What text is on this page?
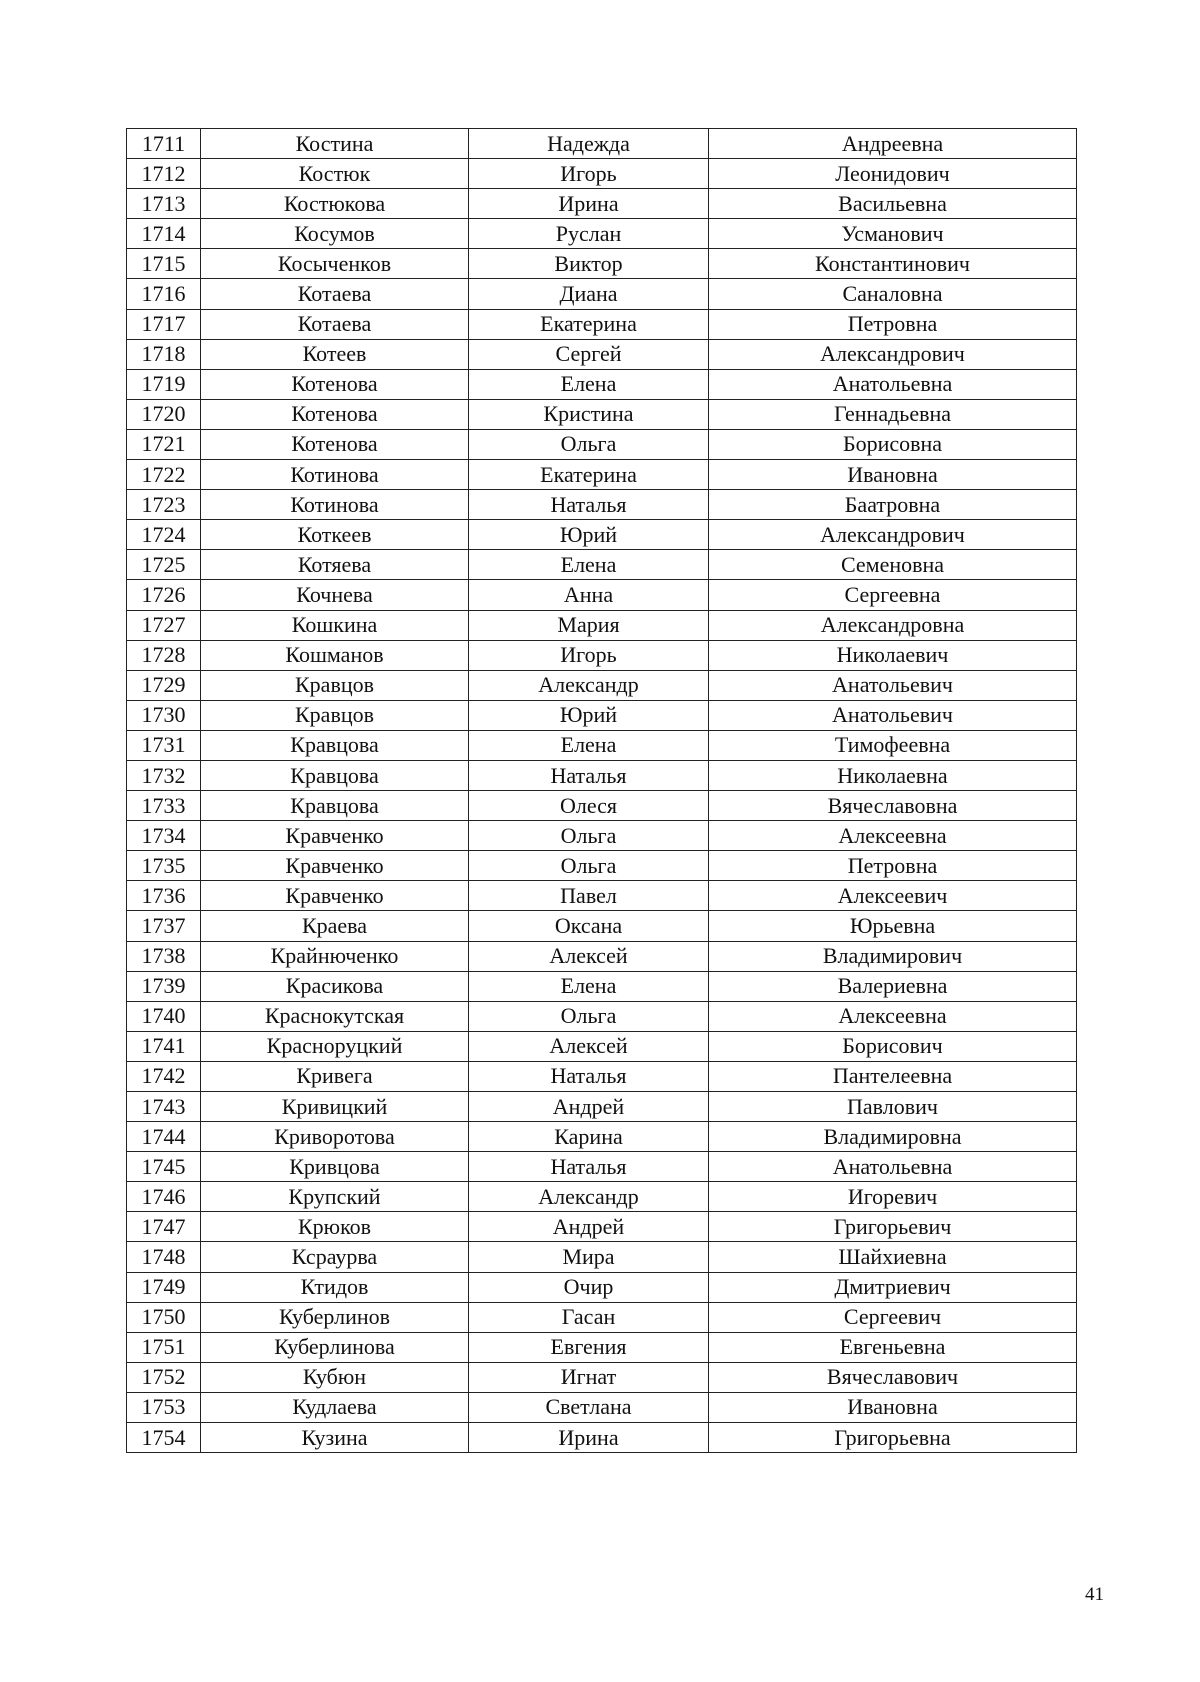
1711	Костина	Надежда	Андреевна
1712	Костюк	Игорь	Леонидович
1713	Костюкова	Ирина	Васильевна
1714	Косумов	Руслан	Усманович
1715	Косыченков	Виктор	Константинович
1716	Котаева	Диана	Саналовна
1717	Котаева	Екатерина	Петровна
1718	Котеев	Сергей	Александрович
1719	Котенова	Елена	Анатольевна
1720	Котенова	Кристина	Геннадьевна
1721	Котенова	Ольга	Борисовна
1722	Котинова	Екатерина	Ивановна
1723	Котинова	Наталья	Баатровна
1724	Коткеев	Юрий	Александрович
1725	Котяева	Елена	Семеновна
1726	Кочнева	Анна	Сергеевна
1727	Кошкина	Мария	Александровна
1728	Кошманов	Игорь	Николаевич
1729	Кравцов	Александр	Анатольевич
1730	Кравцов	Юрий	Анатольевич
1731	Кравцова	Елена	Тимофеевна
1732	Кравцова	Наталья	Николаевна
1733	Кравцова	Олеся	Вячеславовна
1734	Кравченко	Ольга	Алексеевна
1735	Кравченко	Ольга	Петровна
1736	Кравченко	Павел	Алексеевич
1737	Краева	Оксана	Юрьевна
1738	Крайнюченко	Алексей	Владимирович
1739	Красикова	Елена	Валериевна
1740	Краснокутская	Ольга	Алексеевна
1741	Красноруцкий	Алексей	Борисович
1742	Кривега	Наталья	Пантелеевна
1743	Кривицкий	Андрей	Павлович
1744	Криворотова	Карина	Владимировна
1745	Кривцова	Наталья	Анатольевна
1746	Крупский	Александр	Игоревич
1747	Крюков	Андрей	Григорьевич
1748	Ксраурва	Мира	Шайхиевна
1749	Ктидов	Очир	Дмитриевич
1750	Куберлинов	Гасан	Сергеевич
1751	Куберлинова	Евгения	Евгеньевна
1752	Кубюн	Игнат	Вячеславович
1753	Кудлаева	Светлана	Ивановна
1754	Кузина	Ирина	Григорьевна
41
